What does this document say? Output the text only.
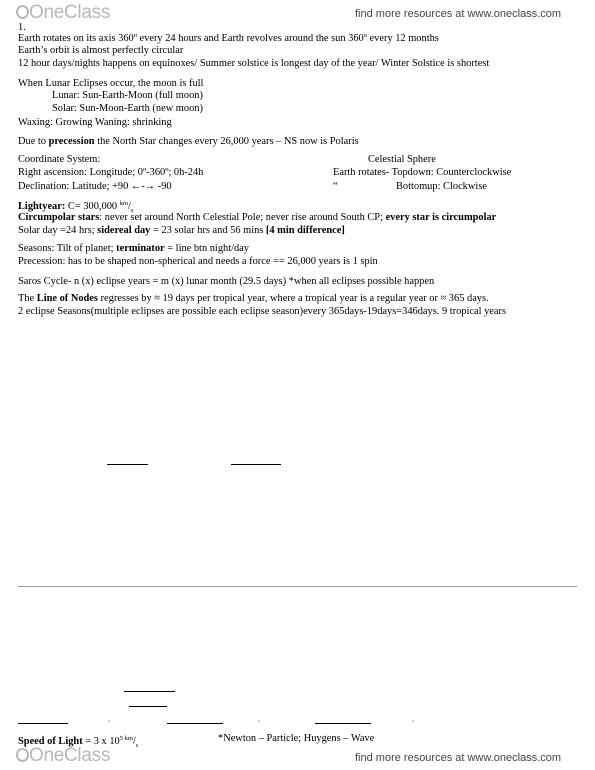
OneClass	find more resources at www.oneclass.com
1.
Earth rotates on its axis 360º every 24 hours and Earth revolves around the sun 360º every 12 months
Earth’s orbit is almost perfectly circular
12 hour days/nights happens on equinoxes/ Summer solstice is longest day of the year/ Winter Solstice is shortest
When Lunar Eclipses occur, the moon is full
Lunar: Sun-Earth-Moon (full moon)
Solar: Sun-Moon-Earth (new moon)
Waxing: Growing Waning: shrinking
Due to precession the North Star changes every 26,000 years – NS now is Polaris
Coordinate System:	Celestial Sphere
Right ascension: Longitude; 0º-360º; 0h-24h	Earth rotates- Topdown: Counterclockwise
Declination: Latitude; +90 ←-→ -90	“	Bottomup: Clockwise
Lightyear: C= 300,000 $^{km}/_s$
Circumpolar stars: never set around North Celestial Pole; never rise around South CP; every star is circumpolar
Solar day =24 hrs; sidereal day = 23 solar hrs and 56 mins [4 min difference]
Seasons: Tilt of planet; terminator = line btn night/day
Precession: has to be shaped non-spherical and needs a force == 26,000 years is 1 spin
Saros Cycle- n (x) eclipse years = m (x) lunar month (29.5 days) *when all eclipses possible happen
The Line of Nodes regresses by ≈ 19 days per tropical year, where a tropical year is a regular year or ≈ 365 days.
2 eclipse Seasons(multiple eclipses are possible each eclipse season)every 365days-19days=346days. 9 tropical years
▫	▫	▫
Speed of Light = 3 x $10^5$ $^{km}/_s$
*Newton – Particle; Huygens – Wave
OneClass	find more resources at www.oneclass.com
